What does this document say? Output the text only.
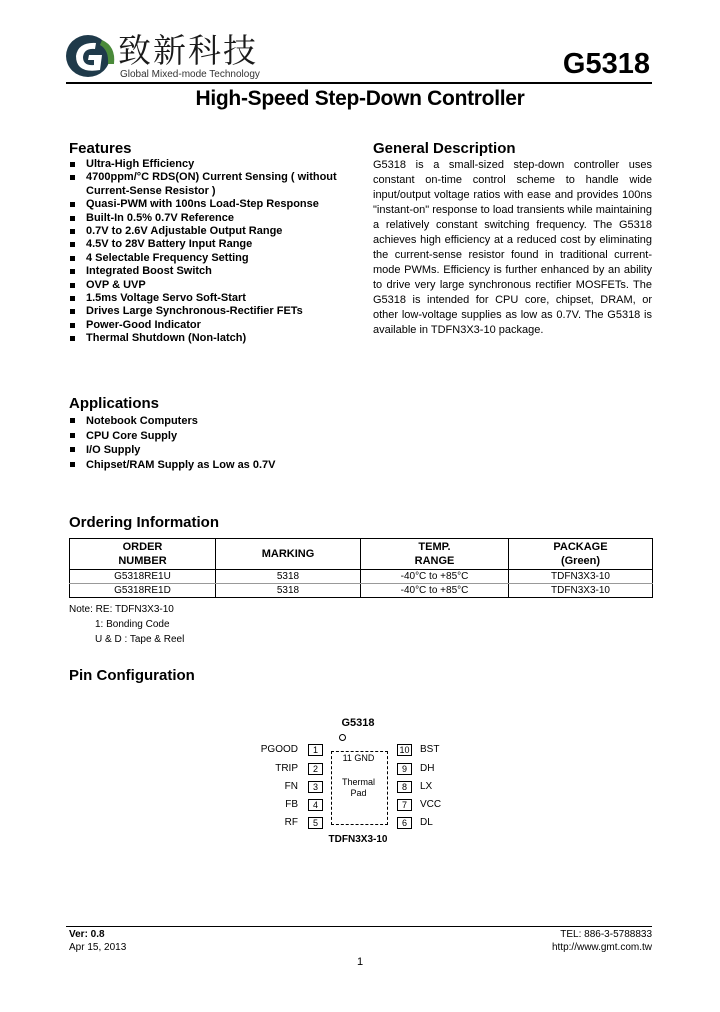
致新科技
Global Mixed-mode Technology	G5318
High-Speed Step-Down Controller
Features
Ultra-High Efficiency
4700ppm/°C RDS(ON) Current Sensing ( without
Current-Sense Resistor )
Quasi-PWM with 100ns Load-Step Response
Built-In 0.5% 0.7V Reference
0.7V to 2.6V Adjustable Output Range
4.5V to 28V Battery Input Range
4 Selectable Frequency Setting
Integrated Boost Switch
OVP & UVP
1.5ms Voltage Servo Soft-Start
Drives Large Synchronous-Rectifier FETs
Power-Good Indicator
Thermal Shutdown (Non-latch)
General Description
G5318 is a small-sized step-down controller uses constant on-time control scheme to handle wide input/output voltage ratios with ease and provides 100ns "instant-on" response to load transients while maintaining a relatively constant switching frequency. The G5318 achieves high efficiency at a reduced cost by eliminating the current-sense resistor found in traditional current-mode PWMs. Efficiency is further enhanced by an ability to drive very large synchronous rectifier MOSFETs. The G5318 is intended for CPU core, chipset, DRAM, or other low-voltage supplies as low as 0.7V. The G5318 is available in TDFN3X3-10 package.
Applications
Notebook Computers
CPU Core Supply
I/O Supply
Chipset/RAM Supply as Low as 0.7V
Ordering Information
ORDER NUMBER	MARKING	TEMP. RANGE	PACKAGE (Green)
G5318RE1U	5318	-40°C to +85°C	TDFN3X3-10
G5318RE1D	5318	-40°C to +85°C	TDFN3X3-10
Note: RE: TDFN3X3-10
1: Bonding Code
U & D : Tape & Reel
Pin Configuration
G5318
11 GND
Thermal
Pad
TDFN3X3-10
PGOOD	1
TRIP	2
FN	3
FB	4
RF	5
10 BST
9	DH
8	LX
7	VCC
6	DL
Ver: 0.8
Apr 15, 2013
TEL: 886-3-5788833
http://www.gmt.com.tw
1
